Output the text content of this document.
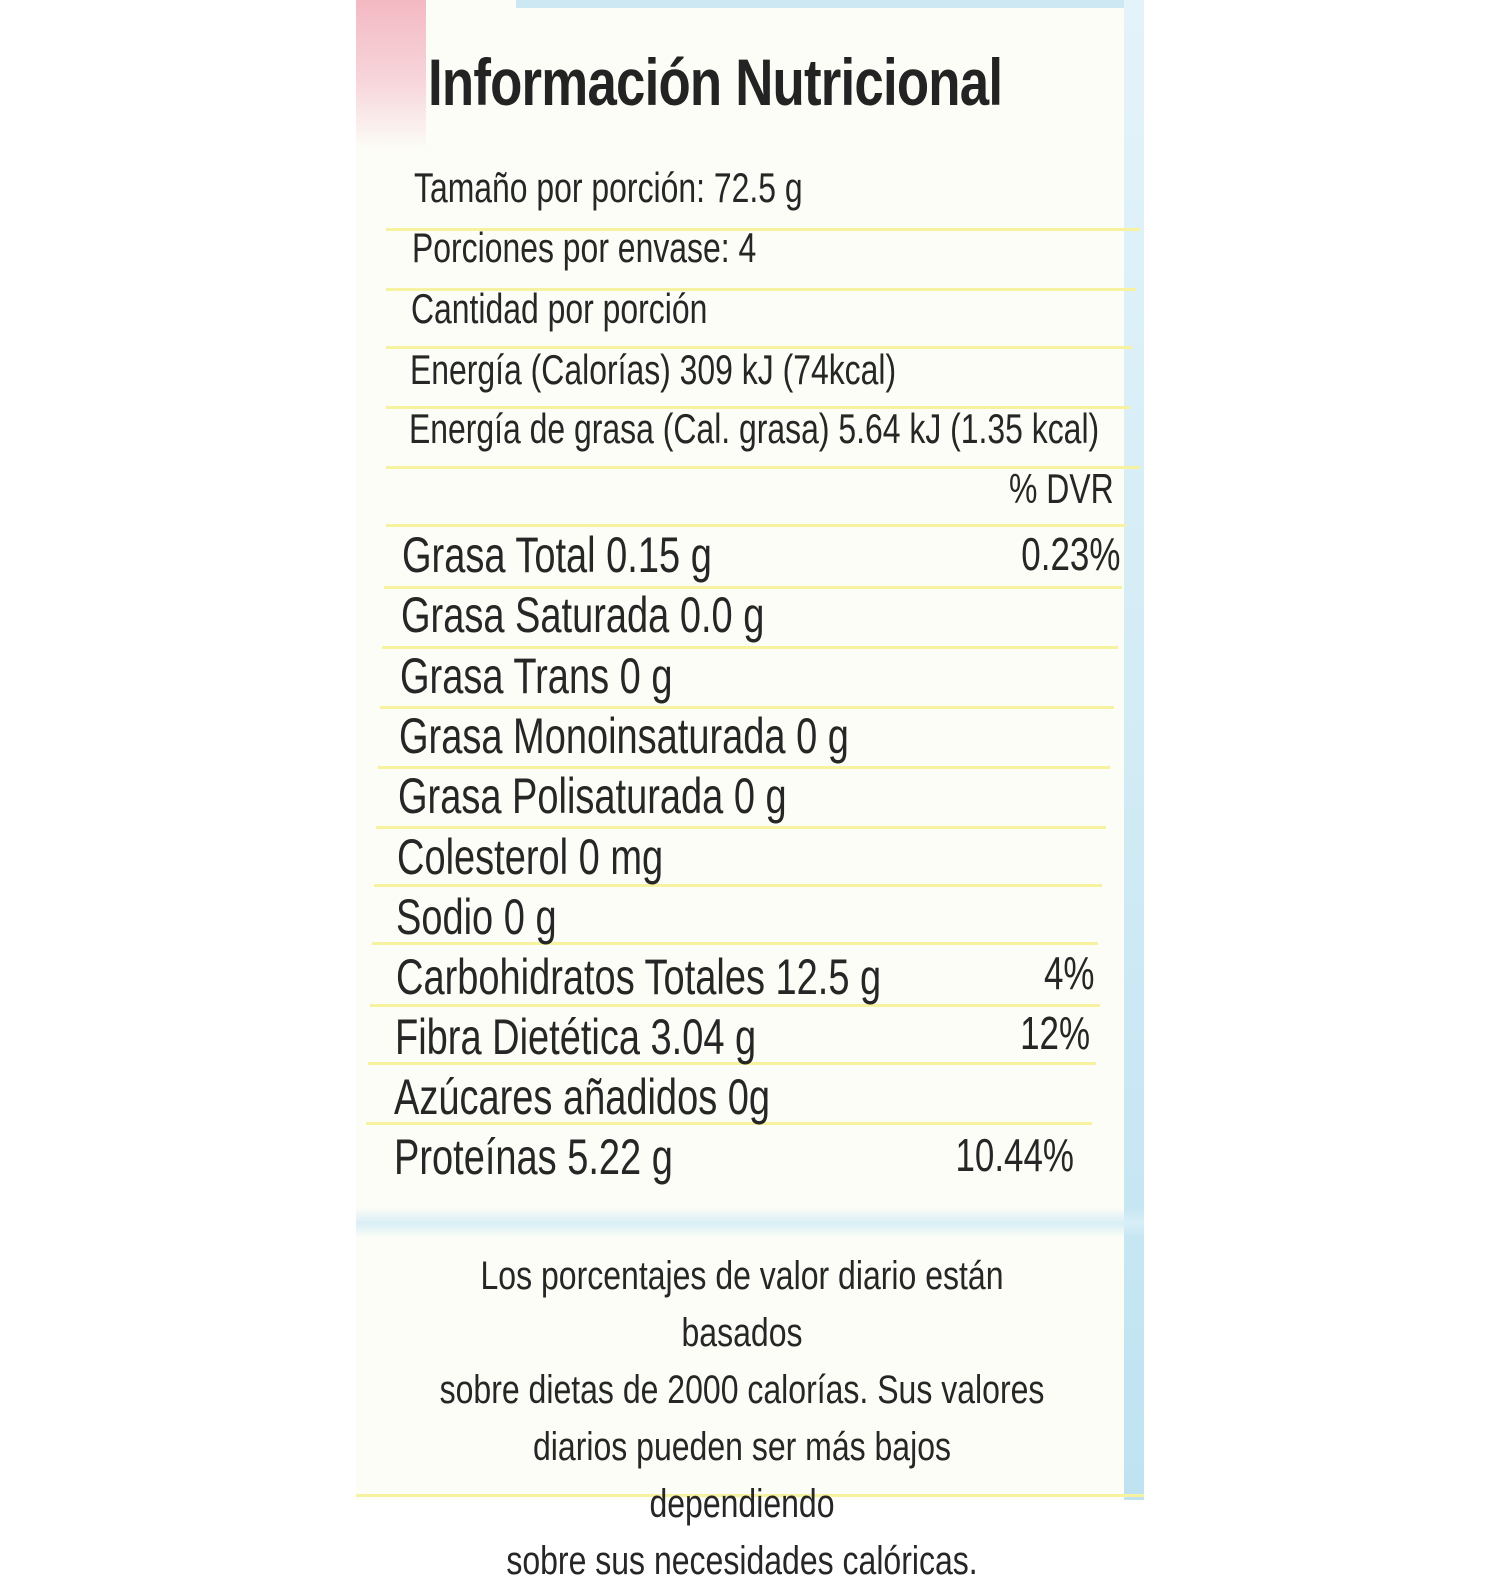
Información Nutricional
Tamaño por porción: 72.5 g
Porciones por envase: 4
Cantidad por porción
Energía (Calorías) 309 kJ (74kcal)
Energía de grasa (Cal. grasa) 5.64 kJ (1.35 kcal)
% DVR
Grasa Total 0.15 g	0.23%
Grasa Saturada 0.0 g
Grasa Trans 0 g
Grasa Monoinsaturada 0 g
Grasa Polisaturada 0 g
Colesterol 0 mg
Sodio 0 g
Carbohidratos Totales 12.5 g	4%
Fibra Dietética 3.04 g	12%
Azúcares añadidos 0g
Proteínas 5.22 g	10.44%
Los porcentajes de valor diario están basados
sobre dietas de 2000 calorías. Sus valores
diarios pueden ser más bajos dependiendo
sobre sus necesidades calóricas.
